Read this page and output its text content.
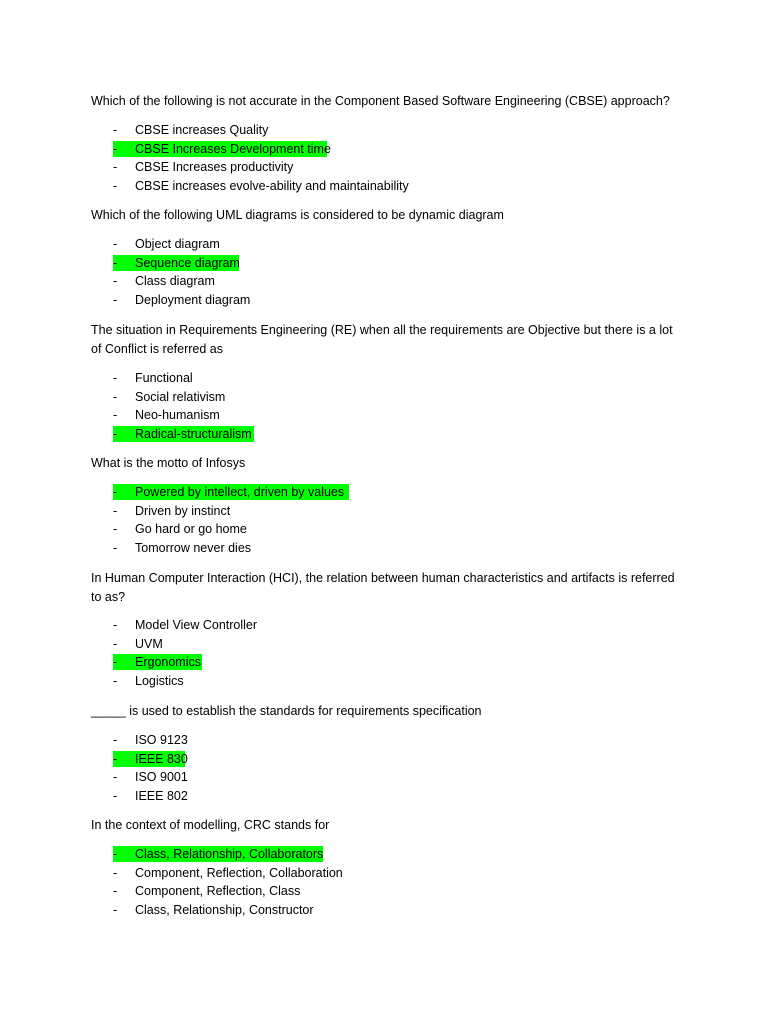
Which of the following is not accurate in the Component Based Software Engineering (CBSE) approach?
-	CBSE increases Quality
-	CBSE Increases Development time
-	CBSE Increases productivity
-	CBSE increases evolve-ability and maintainability
Which of the following UML diagrams is considered to be dynamic diagram
-	Object diagram
-	Sequence diagram
-	Class diagram
-	Deployment diagram
The situation in Requirements Engineering (RE) when all the requirements are Objective but there is a lot of Conflict is referred as
-	Functional
-	Social relativism
-	Neo-humanism
-	Radical-structuralism
What is the motto of Infosys
-	Powered by intellect, driven by values
-	Driven by instinct
-	Go hard or go home
-	Tomorrow never dies
In Human Computer Interaction (HCI), the relation between human characteristics and artifacts is referred to as?
-	Model View Controller
-	UVM
-	Ergonomics
-	Logistics
_____ is used to establish the standards for requirements specification
-	ISO 9123
-	IEEE 830
-	ISO 9001
-	IEEE 802
In the context of modelling, CRC stands for
-	Class, Relationship, Collaborators
-	Component, Reflection, Collaboration
-	Component, Reflection, Class
-	Class, Relationship, Constructor
